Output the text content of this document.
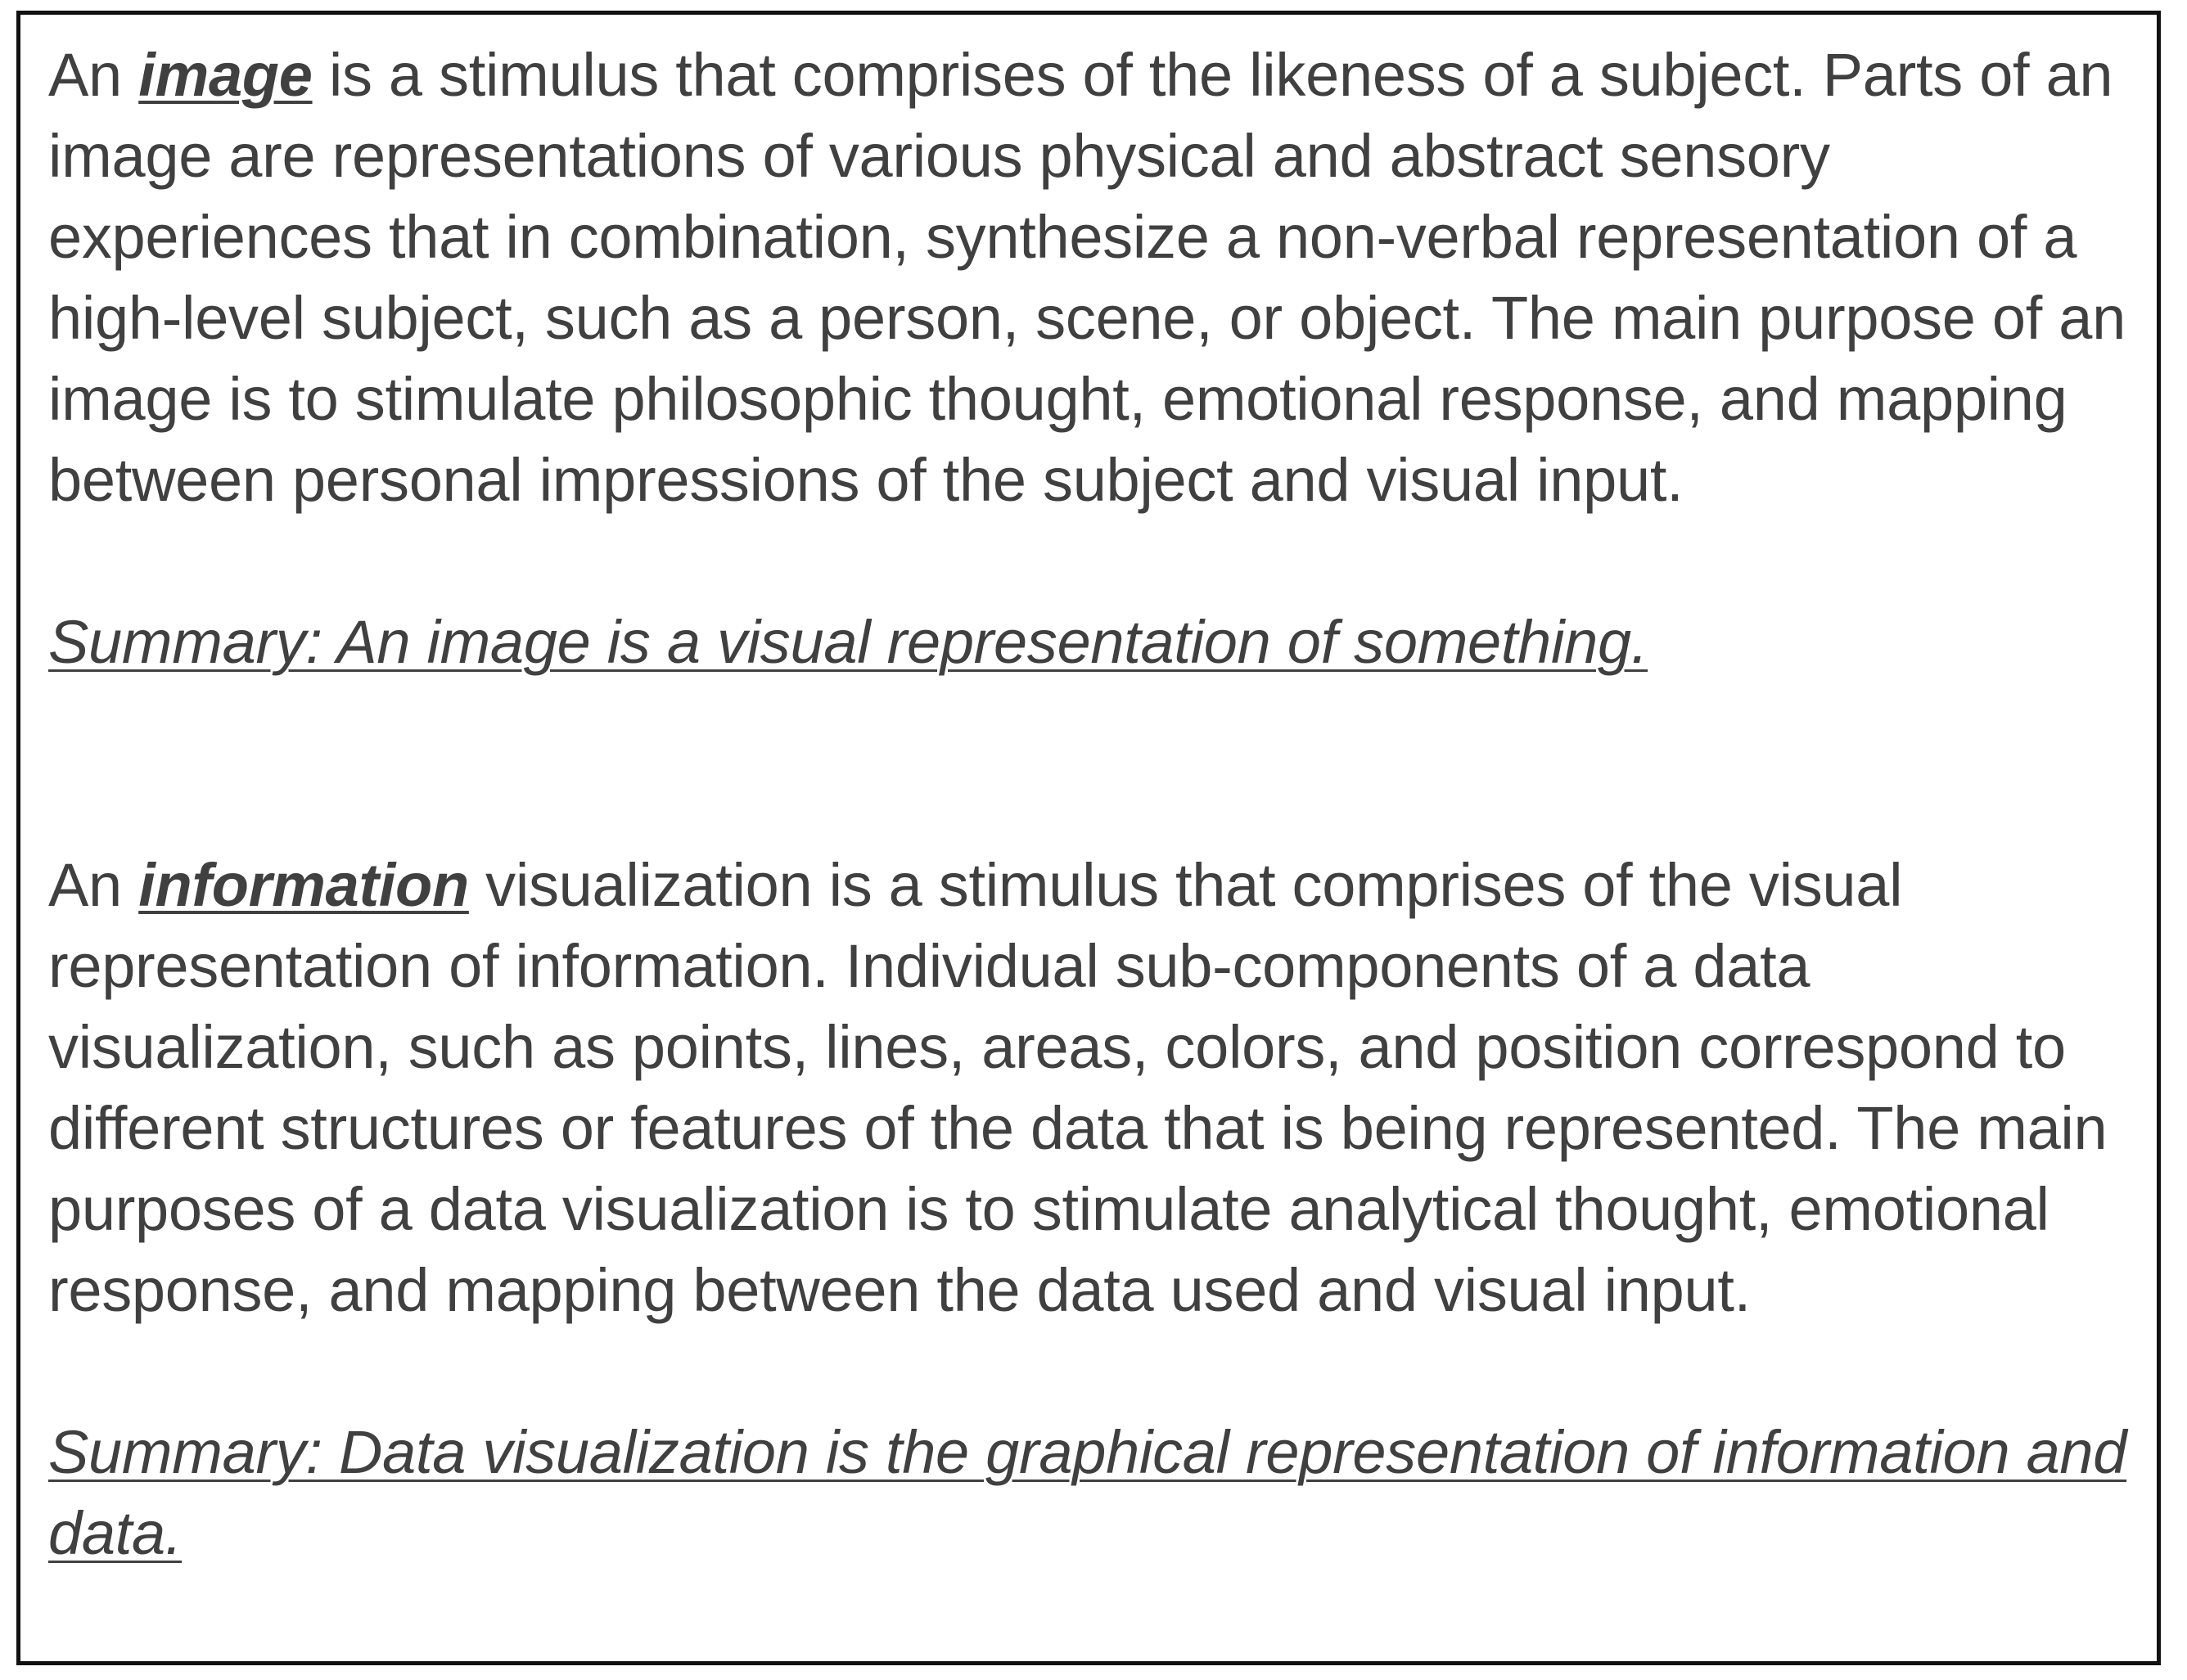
An image is a stimulus that comprises of the likeness of a subject. Parts of an image are representations of various physical and abstract sensory experiences that in combination, synthesize a non-verbal representation of a high-level subject, such as a person, scene, or object. The main purpose of an image is to stimulate philosophic thought, emotional response, and mapping between personal impressions of the subject and visual input.

Summary: An image is a visual representation of something.

An information visualization is a stimulus that comprises of the visual representation of information. Individual sub-components of a data visualization, such as points, lines, areas, colors, and position correspond to different structures or features of the data that is being represented. The main purposes of a data visualization is to stimulate analytical thought, emotional response, and mapping between the data used and visual input.

Summary: Data visualization is the graphical representation of information and data.
